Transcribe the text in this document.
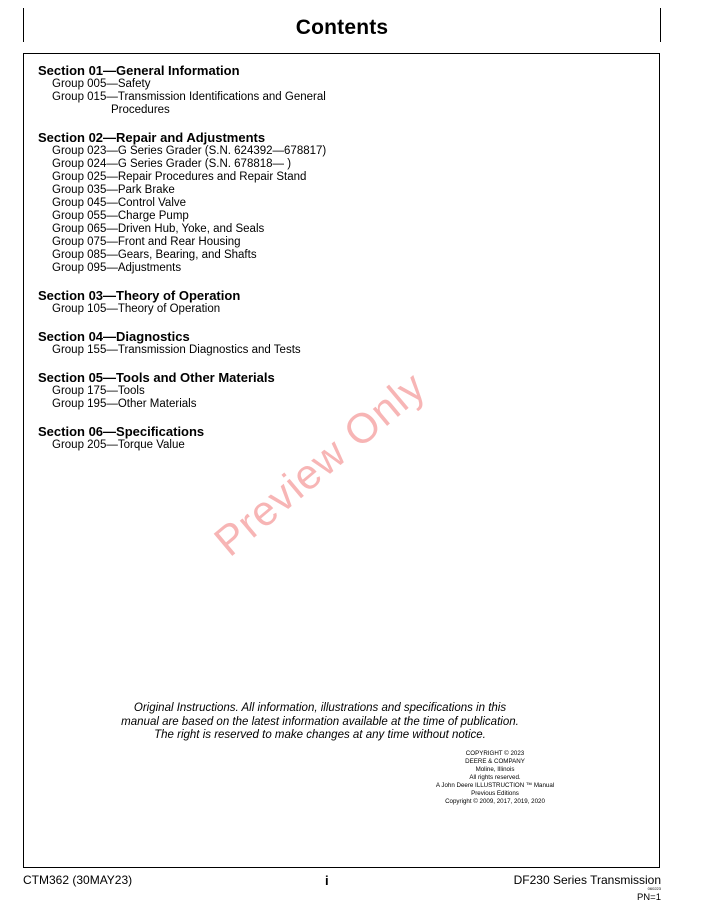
Contents
Section 01—General Information
Group 005—Safety
Group 015—Transmission Identifications and General
Procedures
Section 02—Repair and Adjustments
Group 023—G Series Grader (S.N. 624392—678817)
Group 024—G Series Grader (S.N. 678818— )
Group 025—Repair Procedures and Repair Stand
Group 035—Park Brake
Group 045—Control Valve
Group 055—Charge Pump
Group 065—Driven Hub, Yoke, and Seals
Group 075—Front and Rear Housing
Group 085—Gears, Bearing, and Shafts
Group 095—Adjustments
Section 03—Theory of Operation
Group 105—Theory of Operation
Section 04—Diagnostics
Group 155—Transmission Diagnostics and Tests
Section 05—Tools and Other Materials
Group 175—Tools
Group 195—Other Materials
Section 06—Specifications
Group 205—Torque Value Preview Only
Original Instructions. All information, illustrations and specifications in this
manual are based on the latest information available at the time of publication.
The right is reserved to make changes at any time without notice.
COPYRIGHT © 2023
DEERE & COMPANY
Moline, Illinois
All rights reserved.
A John Deere ILLUSTRUCTION ™ Manual
Previous Editions
Copyright © 2009, 2017, 2019, 2020
CTM362 (30MAY23)	i	DF230 Series Transmission
060223
PN=1
